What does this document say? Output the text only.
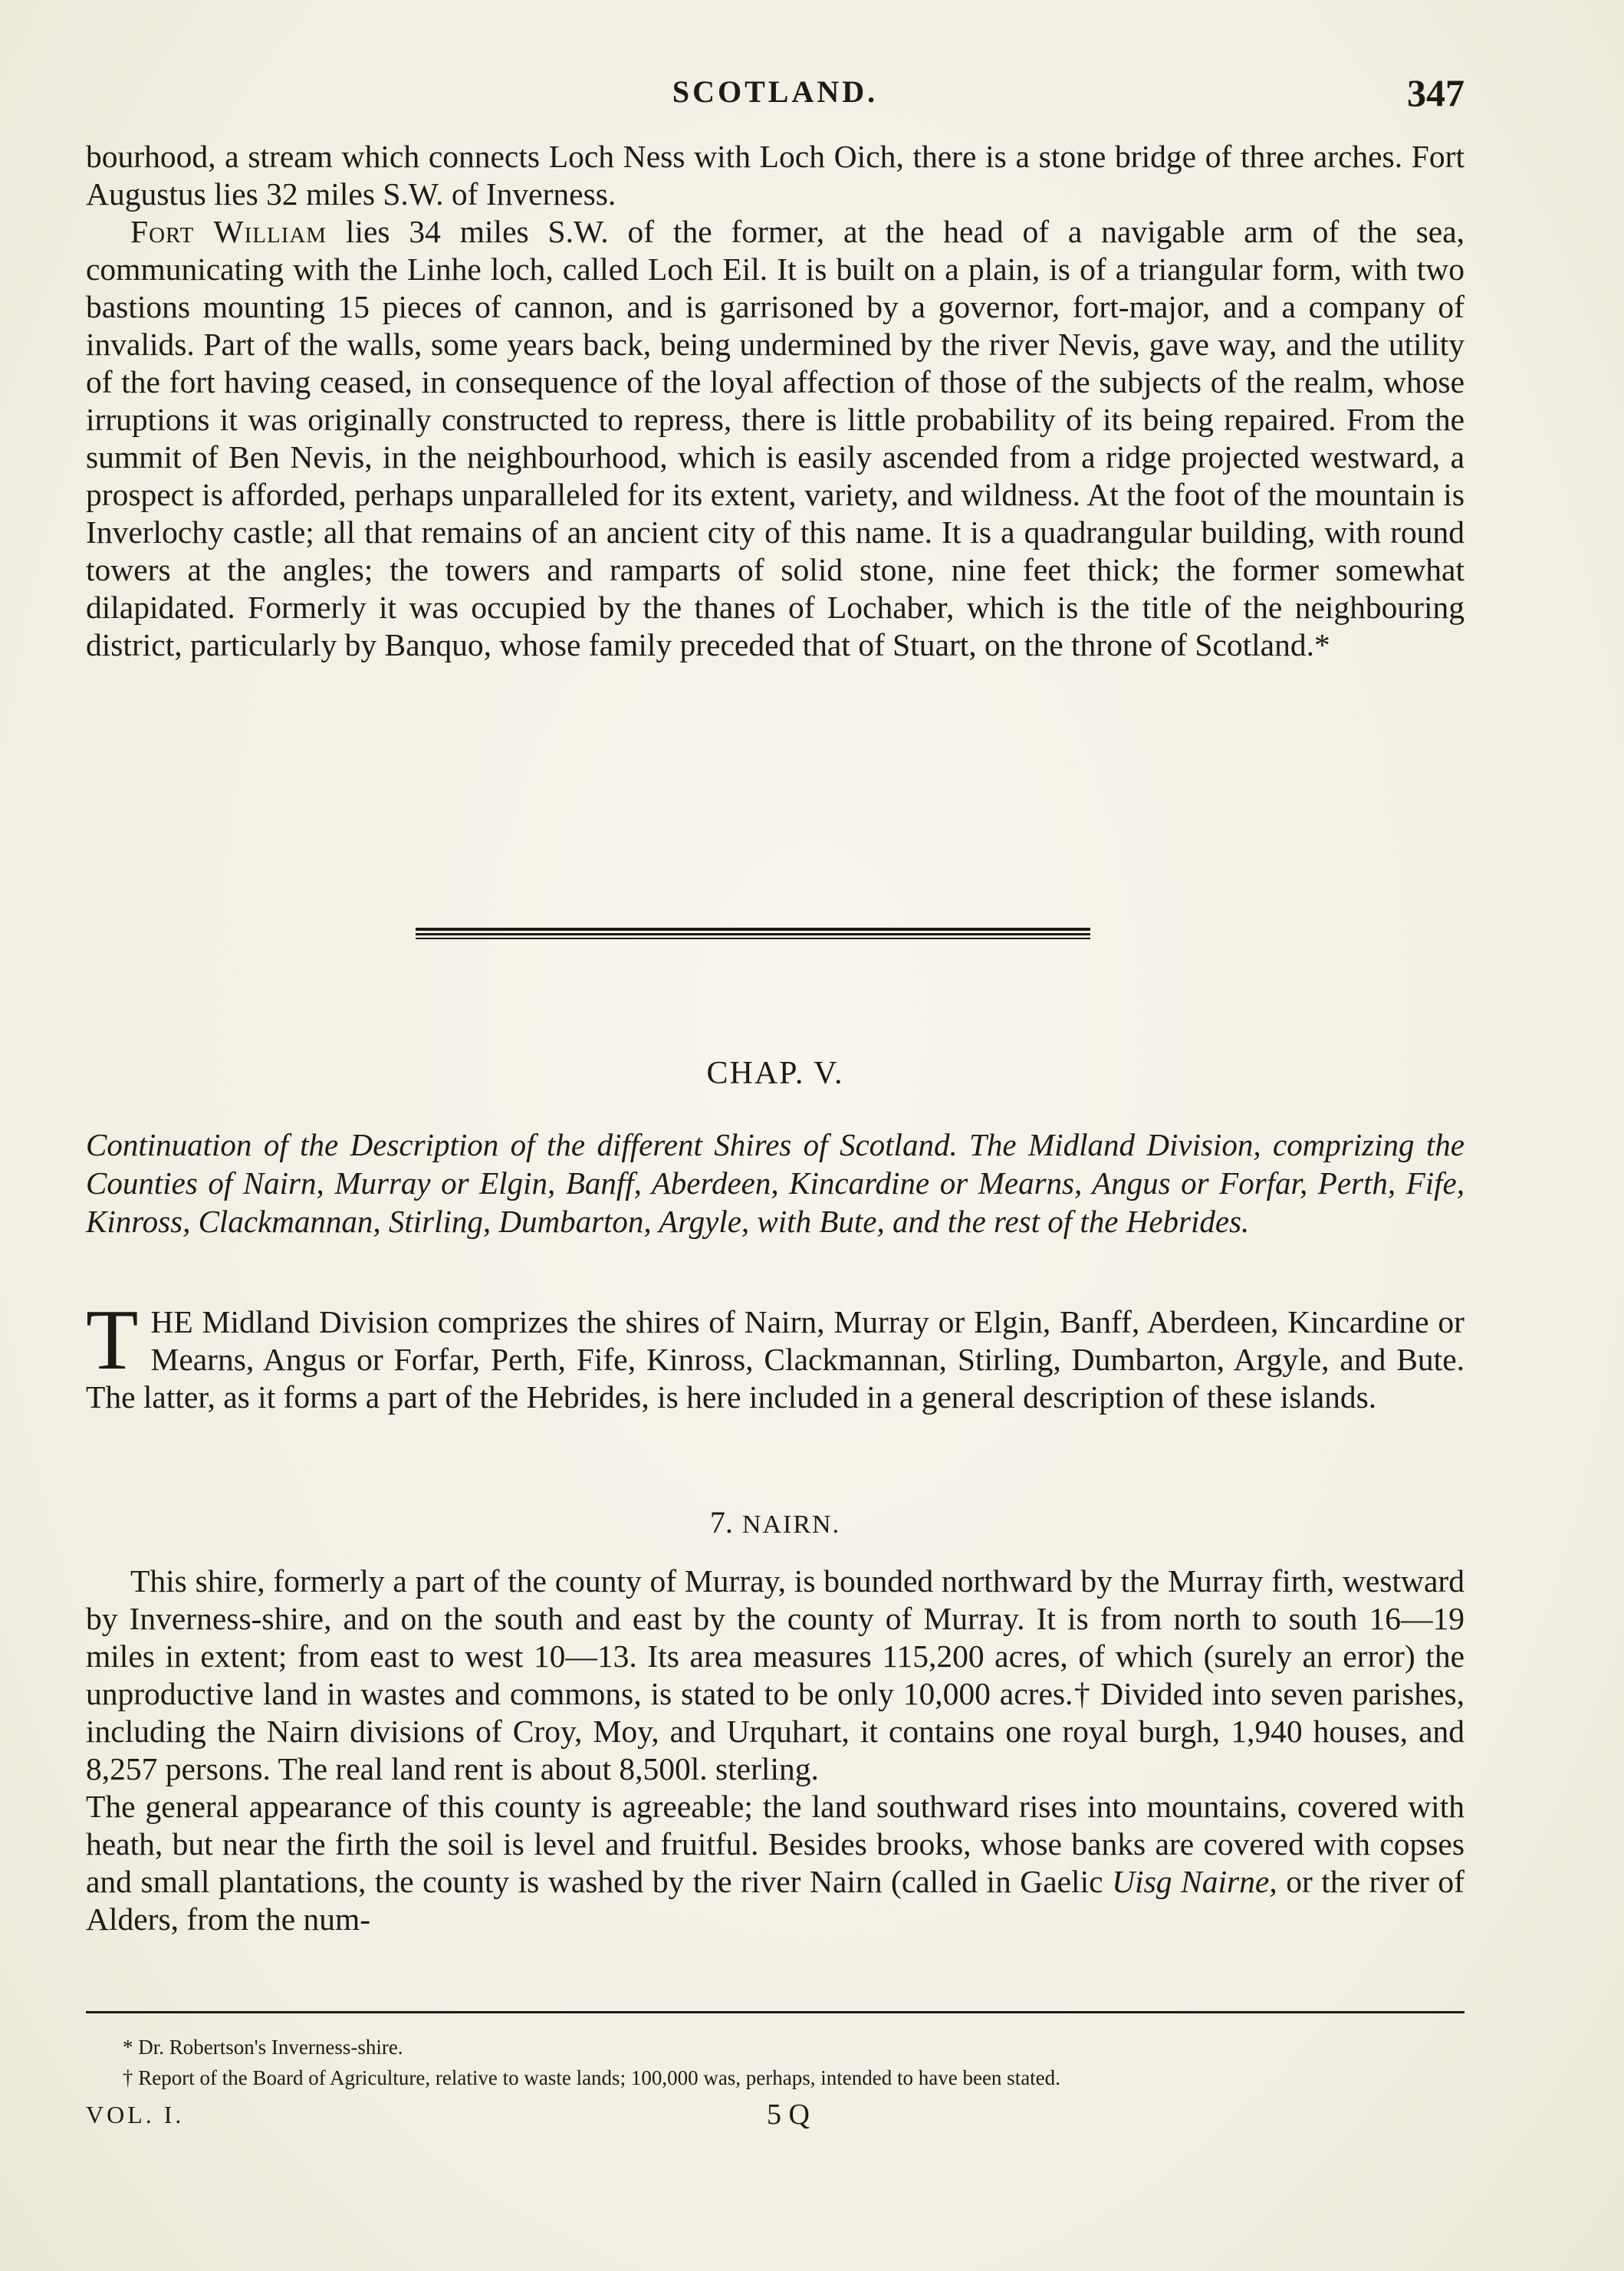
SCOTLAND.	347

bourhood, a stream which connects Loch Ness with Loch Oich, there is a stone bridge of three arches. Fort Augustus lies 32 miles S.W. of Inverness.

Fort William lies 34 miles S.W. of the former, at the head of a navigable arm of the sea, communicating with the Linhe loch, called Loch Eil. It is built on a plain, is of a triangular form, with two bastions mounting 15 pieces of cannon, and is garrisoned by a governor, fort-major, and a company of invalids. Part of the walls, some years back, being undermined by the river Nevis, gave way, and the utility of the fort having ceased, in consequence of the loyal affection of those of the subjects of the realm, whose irruptions it was originally constructed to repress, there is little probability of its being repaired. From the summit of Ben Nevis, in the neighbourhood, which is easily ascended from a ridge projected westward, a prospect is afforded, perhaps unparalleled for its extent, variety, and wildness. At the foot of the mountain is Inverlochy castle; all that remains of an ancient city of this name. It is a quadrangular building, with round towers at the angles; the towers and ramparts of solid stone, nine feet thick; the former somewhat dilapidated. Formerly it was occupied by the thanes of Lochaber, which is the title of the neighbouring district, particularly by Banquo, whose family preceded that of Stuart, on the throne of Scotland.*

CHAP. V.
Continuation of the Description of the different Shires of Scotland. The Midland Division, comprizing the Counties of Nairn, Murray or Elgin, Banff, Aberdeen, Kincardine or Mearns, Angus or Forfar, Perth, Fife, Kinross, Clackmannan, Stirling, Dumbarton, Argyle, with Bute, and the rest of the Hebrides.

THE Midland Division comprizes the shires of Nairn, Murray or Elgin, Banff, Aberdeen, Kincardine or Mearns, Angus or Forfar, Perth, Fife, Kinross, Clackmannan, Stirling, Dumbarton, Argyle, and Bute. The latter, as it forms a part of the Hebrides, is here included in a general description of these islands.

7. NAIRN.

This shire, formerly a part of the county of Murray, is bounded northward by the Murray firth, westward by Inverness-shire, and on the south and east by the county of Murray. It is from north to south 16—19 miles in extent; from east to west 10—13. Its area measures 115,200 acres, of which (surely an error) the unproductive land in wastes and commons, is stated to be only 10,000 acres.† Divided into seven parishes, including the Nairn divisions of Croy, Moy, and Urquhart, it contains one royal burgh, 1,940 houses, and 8,257 persons. The real land rent is about 8,500l. sterling.

The general appearance of this county is agreeable; the land southward rises into mountains, covered with heath, but near the firth the soil is level and fruitful. Besides brooks, whose banks are covered with copses and small plantations, the county is washed by the river Nairn (called in Gaelic Uisg Nairne, or the river of Alders, from the num-

* Dr. Robertson's Inverness-shire.

† Report of the Board of Agriculture, relative to waste lands; 100,000 was, perhaps, intended to have been stated.

VOL. I.	5 Q
